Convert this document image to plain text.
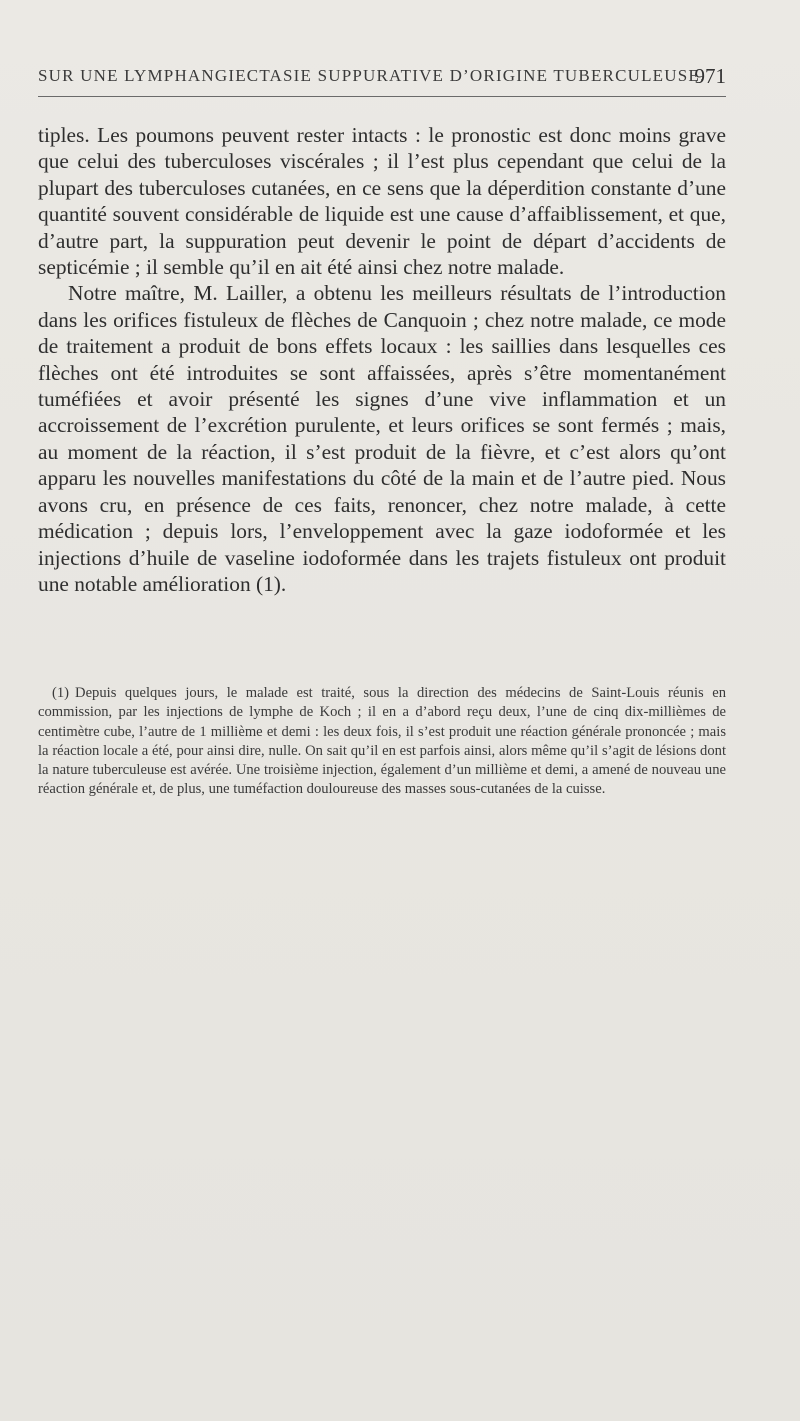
SUR UNE LYMPHANGIECTASIE SUPPURATIVE D’ORIGINE TUBERCULEUSE.
971

tiples. Les poumons peuvent rester intacts : le pronostic est donc moins grave que celui des tuberculoses viscérales ; il l’est plus cependant que celui de la plupart des tuberculoses cutanées, en ce sens que la déperdition constante d’une quantité souvent considérable de liquide est une cause d’affaiblissement, et que, d’autre part, la suppuration peut devenir le point de départ d’accidents de septicémie ; il semble qu’il en ait été ainsi chez notre malade.

Notre maître, M. Lailler, a obtenu les meilleurs résultats de l’introduction dans les orifices fistuleux de flèches de Canquoin ; chez notre malade, ce mode de traitement a produit de bons effets locaux : les saillies dans lesquelles ces flèches ont été introduites se sont affaissées, après s’être momentanément tuméfiées et avoir présenté les signes d’une vive inflammation et un accroissement de l’excrétion purulente, et leurs orifices se sont fermés ; mais, au moment de la réaction, il s’est produit de la fièvre, et c’est alors qu’ont apparu les nouvelles manifestations du côté de la main et de l’autre pied. Nous avons cru, en présence de ces faits, renoncer, chez notre malade, à cette médication ; depuis lors, l’enveloppement avec la gaze iodoformée et les injections d’huile de vaseline iodoformée dans les trajets fistuleux ont produit une notable amélioration (1).

(1) Depuis quelques jours, le malade est traité, sous la direction des médecins de Saint-Louis réunis en commission, par les injections de lymphe de Koch ; il en a d’abord reçu deux, l’une de cinq dix-millièmes de centimètre cube, l’autre de 1 millième et demi : les deux fois, il s’est produit une réaction générale prononcée ; mais la réaction locale a été, pour ainsi dire, nulle. On sait qu’il en est parfois ainsi, alors même qu’il s’agit de lésions dont la nature tuberculeuse est avérée. Une troisième injection, également d’un millième et demi, a amené de nouveau une réaction générale et, de plus, une tuméfaction douloureuse des masses sous-cutanées de la cuisse.
